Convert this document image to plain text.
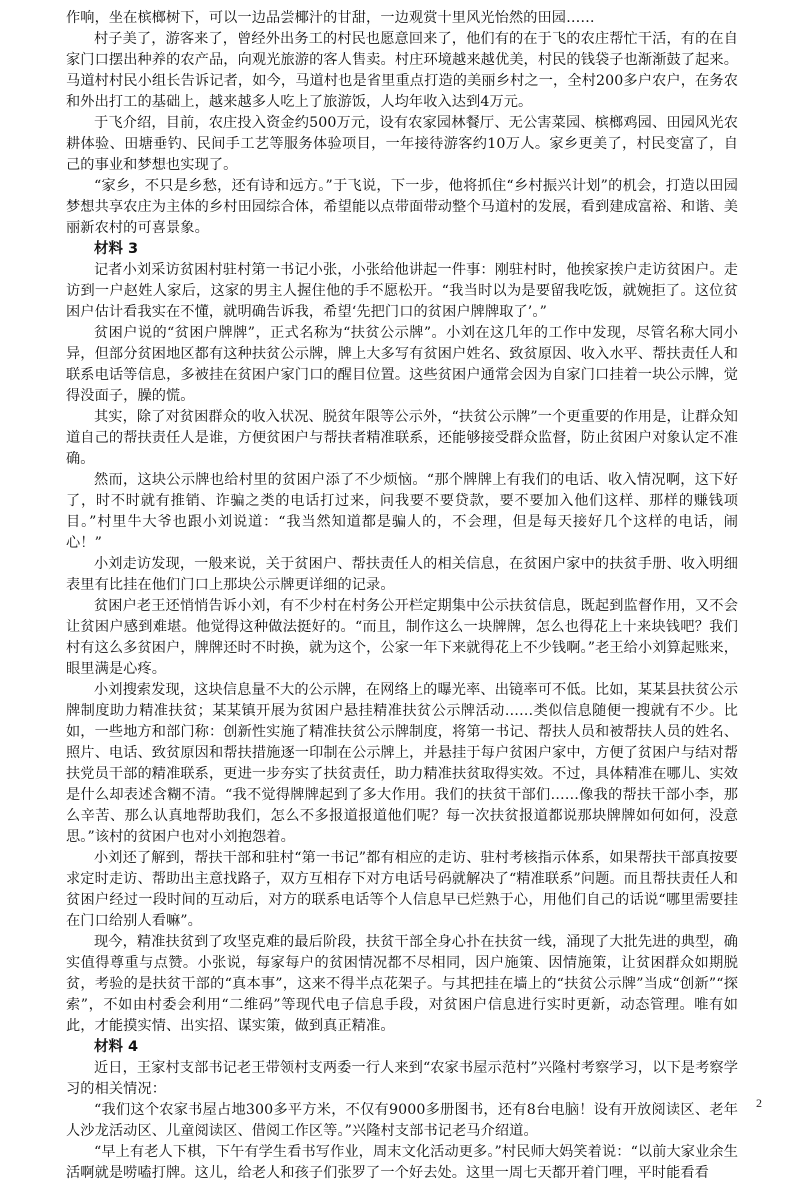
作响，坐在槟榔树下，可以一边品尝椰汁的甘甜，一边观赏十里风光怡然的田园……

村子美了，游客来了，曾经外出务工的村民也愿意回来了，他们有的在于飞的农庄帮忙干活，有的在自家门口摆出种养的农产品，向观光旅游的客人售卖。村庄环境越来越优美，村民的钱袋子也渐渐鼓了起来。马道村村民小组长告诉记者，如今，马道村也是省里重点打造的美丽乡村之一，全村200多户农户，在务农和外出打工的基础上，越来越多人吃上了旅游饭，人均年收入达到4万元。

于飞介绍，目前，农庄投入资金约500万元，设有农家园林餐厅、无公害菜园、槟榔鸡园、田园风光农耕体验、田塘垂钓、民间手工艺等服务体验项目，一年接待游客约10万人。家乡更美了，村民变富了，自己的事业和梦想也实现了。

“家乡，不只是乡愁，还有诗和远方。”于飞说，下一步，他将抓住“乡村振兴计划”的机会，打造以田园梦想共享农庄为主体的乡村田园综合体，希望能以点带面带动整个马道村的发展，看到建成富裕、和谐、美丽新农村的可喜景象。

材料 3

记者小刘采访贫困村驻村第一书记小张，小张给他讲起一件事：刚驻村时，他挨家挨户走访贫困户。走访到一户赵姓人家后，这家的男主人握住他的手不愿松开。“我当时以为是要留我吃饭，就婉拒了。这位贫困户估计看我实在不懂，就明确告诉我，希望‘先把门口的贫困户牌牌取了’。”

贫困户说的“贫困户牌牌”，正式名称为“扶贫公示牌”。小刘在这几年的工作中发现，尽管名称大同小异，但部分贫困地区都有这种扶贫公示牌，牌上大多写有贫困户姓名、致贫原因、收入水平、帮扶责任人和联系电话等信息，多被挂在贫困户家门口的醒目位置。这些贫困户通常会因为自家门口挂着一块公示牌，觉得没面子，臊的慌。

其实，除了对贫困群众的收入状况、脱贫年限等公示外，“扶贫公示牌”一个更重要的作用是，让群众知道自己的帮扶责任人是谁，方便贫困户与帮扶者精准联系，还能够接受群众监督，防止贫困户对象认定不准确。

然而，这块公示牌也给村里的贫困户添了不少烦恼。“那个牌牌上有我们的电话、收入情况啊，这下好了，时不时就有推销、诈骗之类的电话打过来，问我要不要贷款，要不要加入他们这样、那样的赚钱项目。”村里牛大爷也跟小刘说道：“我当然知道都是骗人的，不会理，但是每天接好几个这样的电话，闹心！”

小刘走访发现，一般来说，关于贫困户、帮扶责任人的相关信息，在贫困户家中的扶贫手册、收入明细表里有比挂在他们门口上那块公示牌更详细的记录。

贫困户老王还悄悄告诉小刘，有不少村在村务公开栏定期集中公示扶贫信息，既起到监督作用，又不会让贫困户感到难堪。他觉得这种做法挺好的。“而且，制作这么一块牌牌，怎么也得花上十来块钱吧？我们村有这么多贫困户，牌牌还时不时换，就为这个，公家一年下来就得花上不少钱啊。”老王给小刘算起账来，眼里满是心疼。

小刘搜索发现，这块信息量不大的公示牌，在网络上的曝光率、出镜率可不低。比如，某某县扶贫公示牌制度助力精准扶贫；某某镇开展为贫困户悬挂精准扶贫公示牌活动……类似信息随便一搜就有不少。比如，一些地方和部门称：创新性实施了精准扶贫公示牌制度，将第一书记、帮扶人员和被帮扶人员的姓名、照片、电话、致贫原因和帮扶措施逐一印制在公示牌上，并悬挂于每户贫困户家中，方便了贫困户与结对帮扶党员干部的精准联系，更进一步夯实了扶贫责任，助力精准扶贫取得实效。不过，具体精准在哪儿、实效是什么却表述含糊不清。“我不觉得牌牌起到了多大作用。我们的扶贫干部们……像我的帮扶干部小李，那么辛苦、那么认真地帮助我们，怎么不多报道报道他们呢？每一次扶贫报道都说那块牌牌如何如何，没意思。”该村的贫困户也对小刘抱怨着。

小刘还了解到，帮扶干部和驻村“第一书记”都有相应的走访、驻村考核指示体系，如果帮扶干部真按要求定时走访、帮助出主意找路子，双方互相存下对方电话号码就解决了“精准联系”问题。而且帮扶责任人和贫困户经过一段时间的互动后，对方的联系电话等个人信息早已烂熟于心，用他们自己的话说“哪里需要挂在门口给别人看嘛”。

现今，精准扶贫到了攻坚克难的最后阶段，扶贫干部全身心扑在扶贫一线，涌现了大批先进的典型，确实值得尊重与点赞。小张说，每家每户的贫困情况都不尽相同，因户施策、因情施策，让贫困群众如期脱贫，考验的是扶贫干部的“真本事”，这来不得半点花架子。与其把挂在墙上的“扶贫公示牌”当成“创新”“探索”，不如由村委会利用“二维码”等现代电子信息手段，对贫困户信息进行实时更新，动态管理。唯有如此，才能摸实情、出实招、谋实策，做到真正精准。

材料 4

近日，王家村支部书记老王带领村支两委一行人来到“农家书屋示范村”兴隆村考察学习，以下是考察学习的相关情况：

“我们这个农家书屋占地300多平方米，不仅有9000多册图书，还有8台电脑！设有开放阅读区、老年人沙龙活动区、儿童阅读区、借阅工作区等。”兴隆村支部书记老马介绍道。

“早上有老人下棋，下午有学生看书写作业，周末文化活动更多。”村民师大妈笑着说：“以前大家业余生活啊就是唠嗑打牌。这儿，给老人和孩子们张罗了一个好去处。这里一周七天都开着门哩，平时能看看

2
